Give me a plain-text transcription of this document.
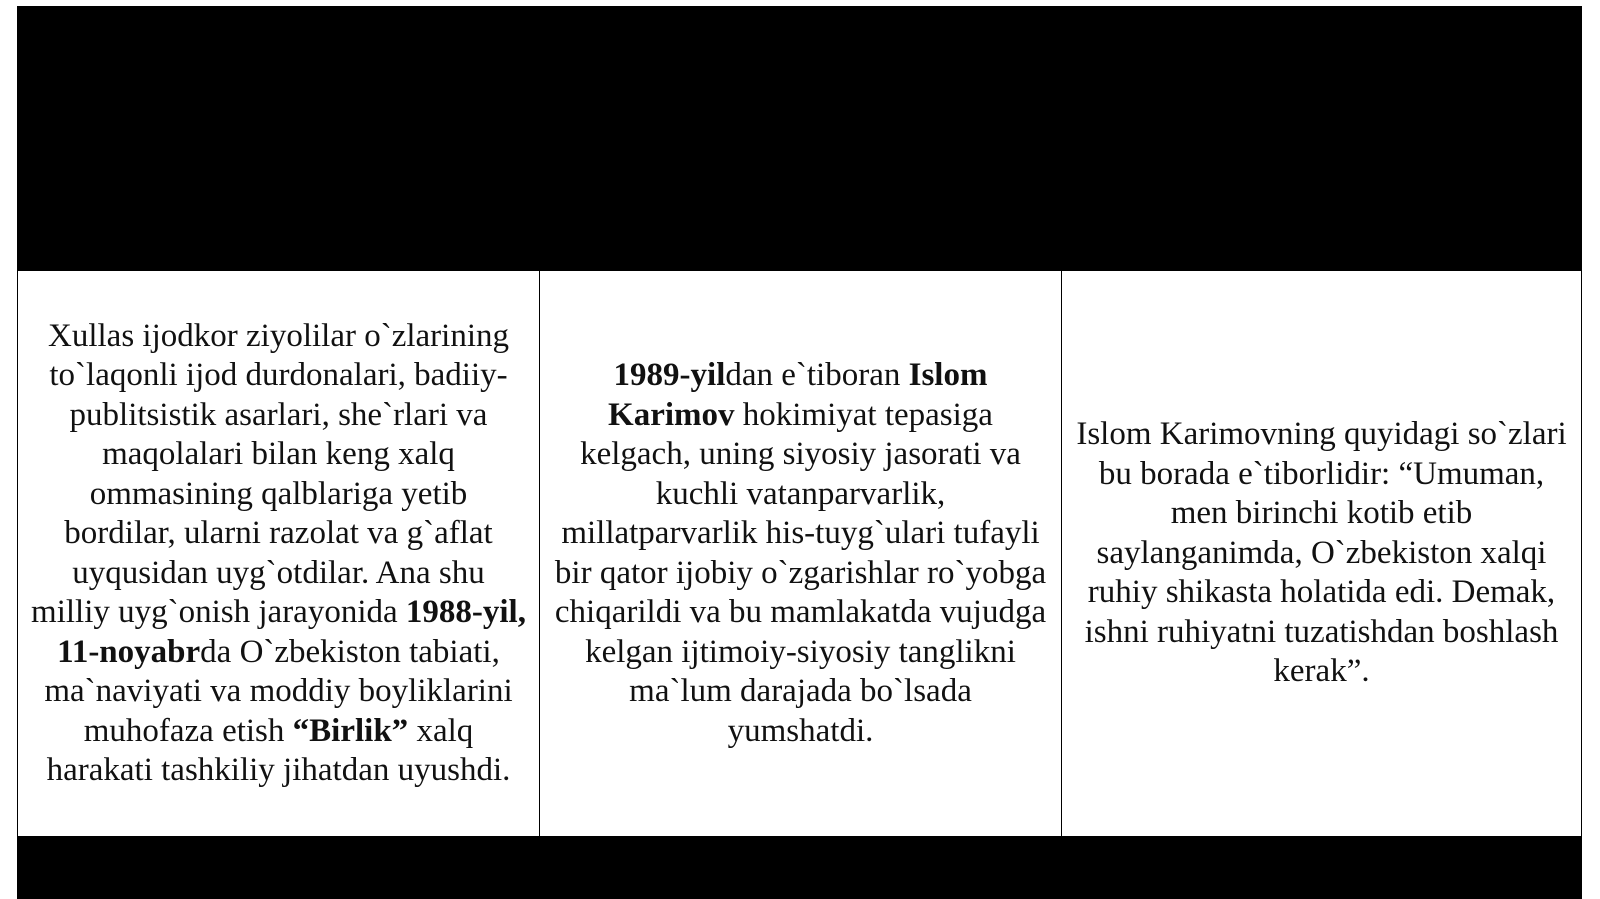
Xullas ijodkor ziyolilar o`zlarining to`laqonli ijod durdonalari, badiiy-publitsistik asarlari, she`rlari va maqolalari bilan keng xalq ommasining qalblariga yetib bordilar, ularni razolat va g`aflat uyqusidan uyg`otdilar. Ana shu milliy uyg`onish jarayonida 1988-yil, 11-noyabrda O`zbekiston tabiati, ma`naviyati va moddiy boyliklarini muhofaza etish “Birlik” xalq harakati tashkiliy jihatdan uyushdi.

1989-yildan e`tiboran Islom Karimov hokimiyat tepasiga kelgach, uning siyosiy jasorati va kuchli vatanparvarlik, millatparvarlik his-tuyg`ulari tufayli bir qator ijobiy o`zgarishlar ro`yobga chiqarildi va bu mamlakatda vujudga kelgan ijtimoiy-siyosiy tanglikni ma`lum darajada bo`lsada yumshatdi.

Islom Karimovning quyidagi so`zlari bu borada e`tiborlidir: “Umuman, men birinchi kotib etib saylanganimda, O`zbekiston xalqi ruhiy shikasta holatida edi. Demak, ishni ruhiyatni tuzatishdan boshlash kerak”.
